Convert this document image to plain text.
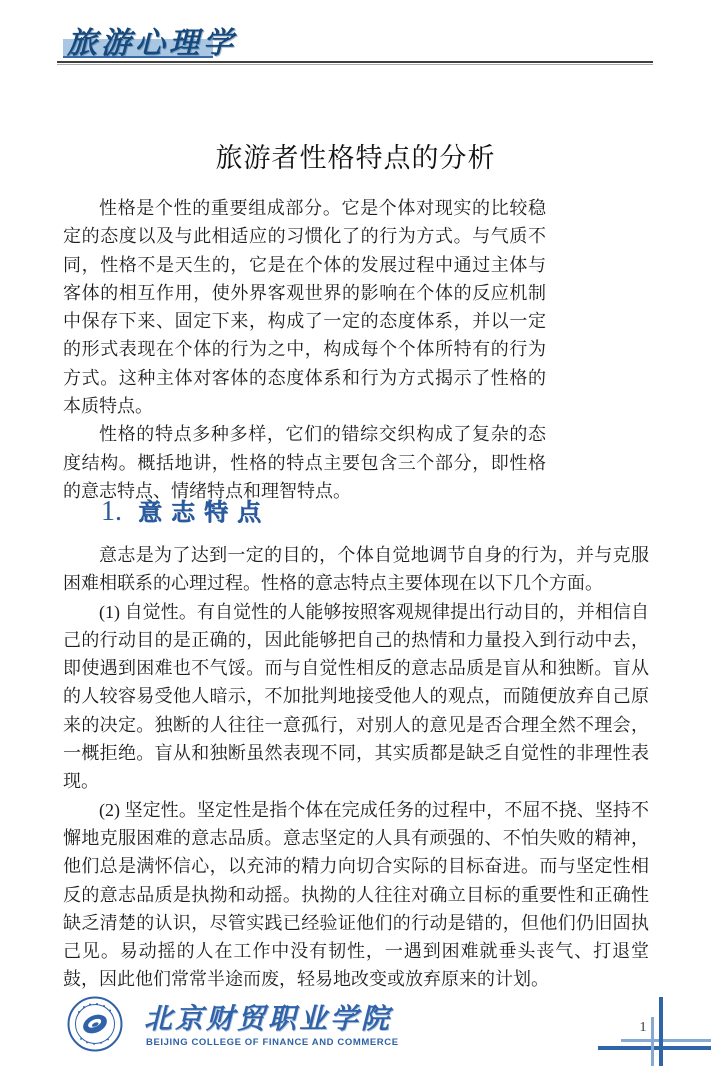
旅游心理学
旅游者性格特点的分析

性格是个性的重要组成部分。它是个体对现实的比较稳定的态度以及与此相适应的习惯化了的行为方式。与气质不同，性格不是天生的，它是在个体的发展过程中通过主体与客体的相互作用，使外界客观世界的影响在个体的反应机制中保存下来、固定下来，构成了一定的态度体系，并以一定的形式表现在个体的行为之中，构成每个个体所特有的行为方式。这种主体对客体的态度体系和行为方式揭示了性格的本质特点。

性格的特点多种多样，它们的错综交织构成了复杂的态度结构。概括地讲，性格的特点主要包含三个部分，即性格的意志特点、情绪特点和理智特点。

1. 意志特点

意志是为了达到一定的目的，个体自觉地调节自身的行为，并与克服困难相联系的心理过程。性格的意志特点主要体现在以下几个方面。

(1) 自觉性。有自觉性的人能够按照客观规律提出行动目的，并相信自己的行动目的是正确的，因此能够把自己的热情和力量投入到行动中去，即使遇到困难也不气馁。而与自觉性相反的意志品质是盲从和独断。盲从的人较容易受他人暗示，不加批判地接受他人的观点，而随便放弃自己原来的决定。独断的人往往一意孤行，对别人的意见是否合理全然不理会，一概拒绝。盲从和独断虽然表现不同，其实质都是缺乏自觉性的非理性表现。

(2) 坚定性。坚定性是指个体在完成任务的过程中，不屈不挠、坚持不懈地克服困难的意志品质。意志坚定的人具有顽强的、不怕失败的精神，他们总是满怀信心，以充沛的精力向切合实际的目标奋进。而与坚定性相反的意志品质是执拗和动摇。执拗的人往往对确立目标的重要性和正确性缺乏清楚的认识，尽管实践已经验证他们的行动是错的，但他们仍旧固执己见。易动摇的人在工作中没有韧性，一遇到困难就垂头丧气、打退堂鼓，因此他们常常半途而废，轻易地改变或放弃原来的计划。

北京财贸职业学院
BEIJING COLLEGE OF FINANCE AND COMMERCE
1
